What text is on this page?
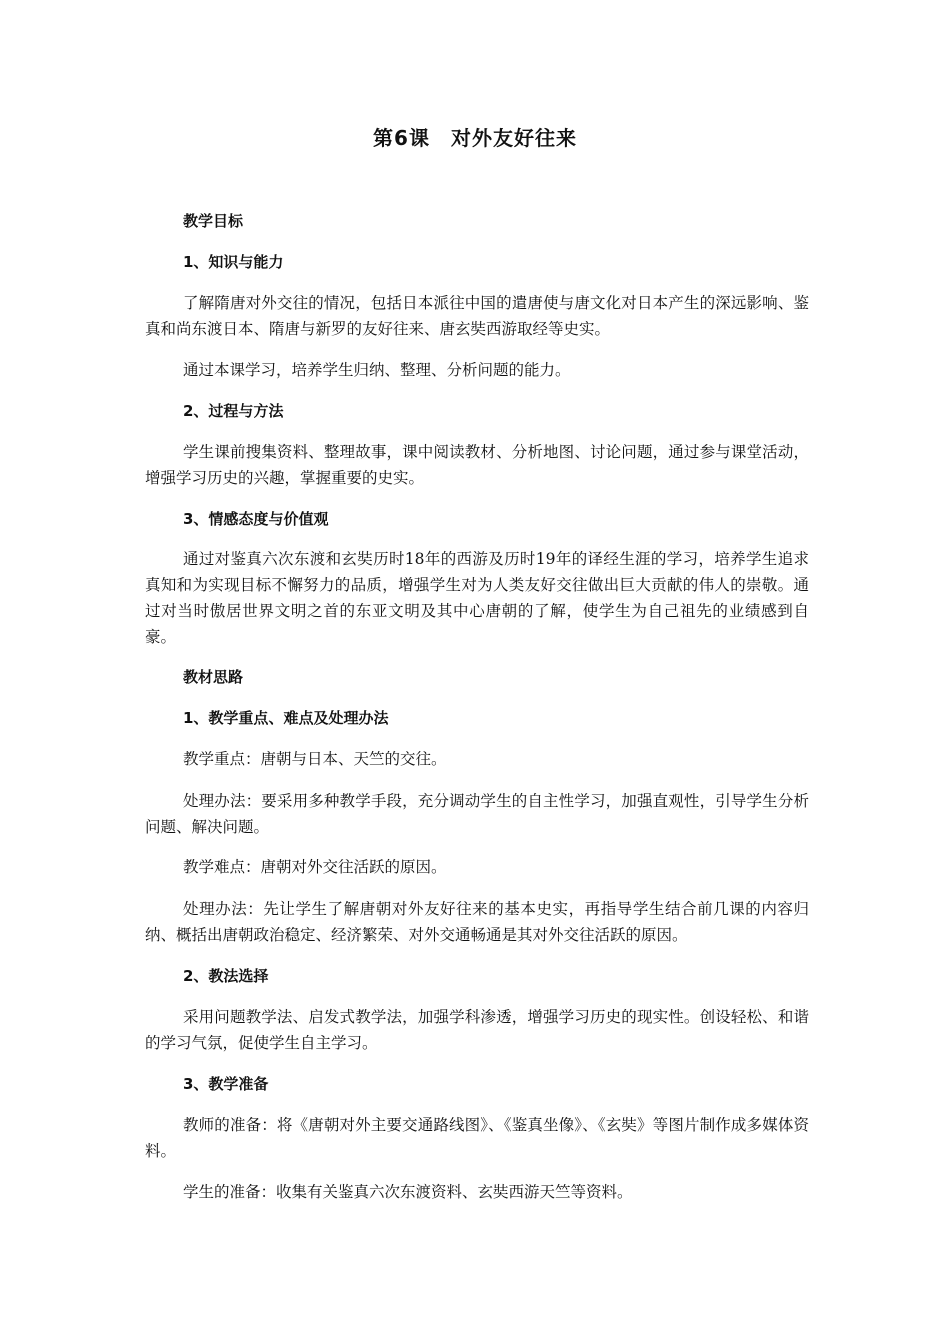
第6课　对外友好往来
教学目标
1、知识与能力
了解隋唐对外交往的情况，包括日本派往中国的遣唐使与唐文化对日本产生的深远影响、鉴真和尚东渡日本、隋唐与新罗的友好往来、唐玄奘西游取经等史实。
通过本课学习，培养学生归纳、整理、分析问题的能力。
2、过程与方法
学生课前搜集资料、整理故事，课中阅读教材、分析地图、讨论问题，通过参与课堂活动，增强学习历史的兴趣，掌握重要的史实。
3、情感态度与价值观
通过对鉴真六次东渡和玄奘历时18年的西游及历时19年的译经生涯的学习，培养学生追求真知和为实现目标不懈努力的品质，增强学生对为人类友好交往做出巨大贡献的伟人的崇敬。通过对当时傲居世界文明之首的东亚文明及其中心唐朝的了解，使学生为自己祖先的业绩感到自豪。
教材思路
1、教学重点、难点及处理办法
教学重点：唐朝与日本、天竺的交往。
处理办法：要采用多种教学手段，充分调动学生的自主性学习，加强直观性，引导学生分析问题、解决问题。
教学难点：唐朝对外交往活跃的原因。
处理办法：先让学生了解唐朝对外友好往来的基本史实，再指导学生结合前几课的内容归纳、概括出唐朝政治稳定、经济繁荣、对外交通畅通是其对外交往活跃的原因。
2、教法选择
采用问题教学法、启发式教学法，加强学科渗透，增强学习历史的现实性。创设轻松、和谐的学习气氛，促使学生自主学习。
3、教学准备
教师的准备：将《唐朝对外主要交通路线图》、《鉴真坐像》、《玄奘》等图片制作成多媒体资料。
学生的准备：收集有关鉴真六次东渡资料、玄奘西游天竺等资料。
